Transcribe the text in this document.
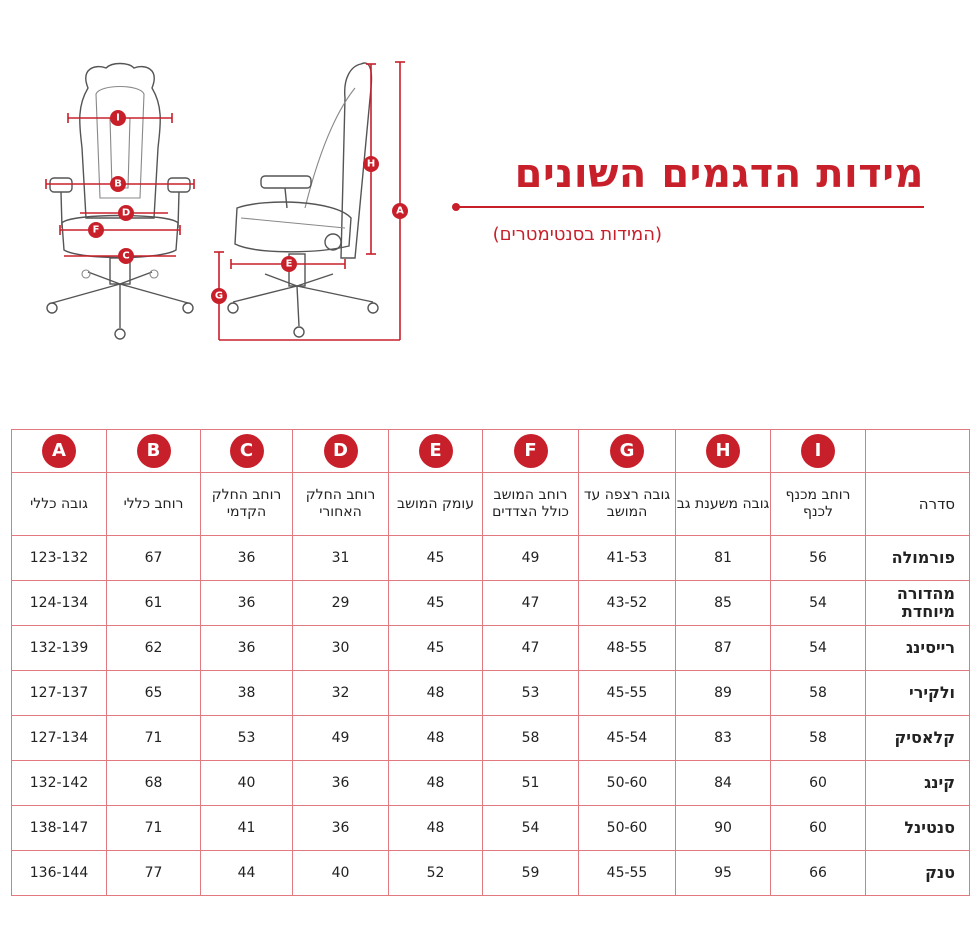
I
B
D
F
C
H
A
E
G
מידות הדגמים השונים
(המידות בסנטימטרים)
	I	H	G	F	E	D	C	B	A
סדרה	רוחב מכנף לכנף	גובה משענת גב	גובה רצפה עד המושב	רוחב המושב כולל הצדדים	עומק המושב	רוחב החלק האחורי	רוחב החלק הקדמי	רוחב כללי	גובה כללי
פורמולה	56	81	41-53	49	45	31	36	67	123-132
מהדורה מיוחדת	54	85	43-52	47	45	29	36	61	124-134
רייסינג	54	87	48-55	47	45	30	36	62	132-139
ולקירי	58	89	45-55	53	48	32	38	65	127-137
קלאסיק	58	83	45-54	58	48	49	53	71	127-134
קינג	60	84	50-60	51	48	36	40	68	132-142
סנטינל	60	90	50-60	54	48	36	41	71	138-147
טנק	66	95	45-55	59	52	40	44	77	136-144
